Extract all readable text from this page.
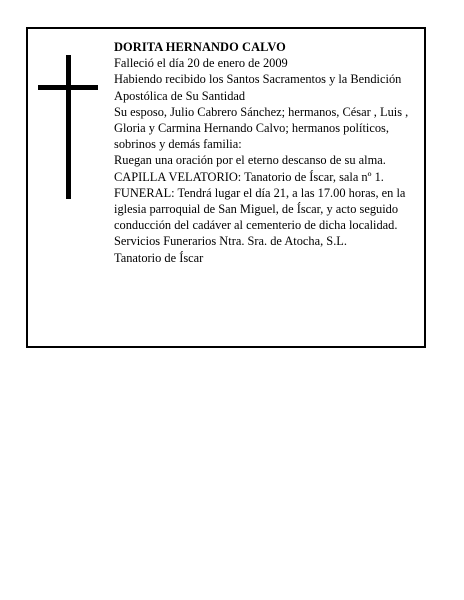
DORITA HERNANDO CALVO

Falleció el día 20 de enero de 2009

Habiendo recibido los Santos Sacramentos y la Bendición Apostólica de Su Santidad

Su esposo, Julio Cabrero Sánchez; hermanos, César , Luis , Gloria y Carmina Hernando Calvo; hermanos políticos, sobrinos y demás familia:

Ruegan una oración por el eterno descanso de su alma.

CAPILLA VELATORIO: Tanatorio de Íscar, sala nº 1.

FUNERAL: Tendrá lugar el día 21, a las 17.00 horas, en la iglesia parroquial de San Miguel, de Íscar, y acto seguido conducción del cadáver al cementerio de dicha localidad.

Servicios Funerarios Ntra. Sra. de Atocha, S.L.

Tanatorio de Íscar
